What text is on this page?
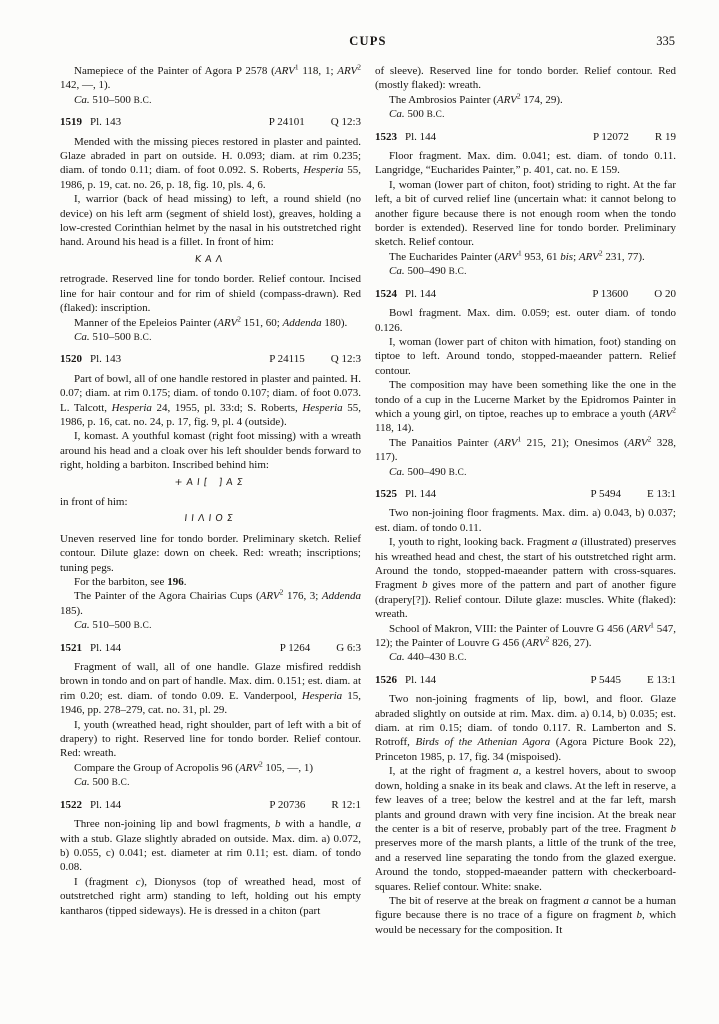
CUPS	335

Namepiece of the Painter of Agora P 2578 (ARV$^1$ 118, 1; ARV$^2$ 142, —, 1).

Ca. 510–500 B.C.

1519 Pl. 143	P 24101 Q 12:3

Mended with the missing pieces restored in plaster and painted. Glaze abraded in part on outside. H. 0.093; diam. at rim 0.235; diam. of tondo 0.11; diam. of foot 0.092. S. Roberts, Hesperia 55, 1986, p. 19, cat. no. 26, p. 18, fig. 10, pls. 4, 6.

I, warrior (back of head missing) to left, a round shield (no device) on his left arm (segment of shield lost), greaves, holding a low-crested Corinthian helmet by the nasal in his outstretched right hand. Around his head is a fillet. In front of him:

ΚΑΛ

retrograde. Reserved line for tondo border. Relief contour. Incised line for hair contour and for rim of shield (compass-drawn). Red (flaked): inscription.

Manner of the Epeleios Painter (ARV$^2$ 151, 60; Addenda 180).

Ca. 510–500 B.C.

1520 Pl. 143	P 24115 Q 12:3

Part of bowl, all of one handle restored in plaster and painted. H. 0.07; diam. at rim 0.175; diam. of tondo 0.107; diam. of foot 0.073. L. Talcott, Hesperia 24, 1955, pl. 33:d; S. Roberts, Hesperia 55, 1986, p. 16, cat. no. 24, p. 17, fig. 9, pl. 4 (outside).

I, komast. A youthful komast (right foot missing) with a wreath around his head and a cloak over his left shoulder bends forward to right, holding a barbiton. Inscribed behind him:

+ΑΙ[ ]ΑΣ

in front of him:

ΙΙΛΙΟΣ

Uneven reserved line for tondo border. Preliminary sketch. Relief contour. Dilute glaze: down on cheek. Red: wreath; inscriptions; tuning pegs.

For the barbiton, see 196.

The Painter of the Agora Chairias Cups (ARV$^2$ 176, 3; Addenda 185).

Ca. 510–500 B.C.

1521 Pl. 144	P 1264 G 6:3

Fragment of wall, all of one handle. Glaze misfired reddish brown in tondo and on part of handle. Max. dim. 0.151; est. diam. at rim 0.20; est. diam. of tondo 0.09. E. Vanderpool, Hesperia 15, 1946, pp. 278–279, cat. no. 31, pl. 29.

I, youth (wreathed head, right shoulder, part of left with a bit of drapery) to right. Reserved line for tondo border. Relief contour. Red: wreath.

Compare the Group of Acropolis 96 (ARV$^2$ 105, —, 1)

Ca. 500 B.C.

1522 Pl. 144	P 20736 R 12:1

Three non-joining lip and bowl fragments, b with a handle, a with a stub. Glaze slightly abraded on outside. Max. dim. a) 0.072, b) 0.055, c) 0.041; est. diameter at rim 0.11; est. diam. of tondo 0.08.

I (fragment c), Dionysos (top of wreathed head, most of outstretched right arm) standing to left, holding out his empty kantharos (tipped sideways). He is dressed in a chiton (part

of sleeve). Reserved line for tondo border. Relief contour. Red (mostly flaked): wreath.

The Ambrosios Painter (ARV$^2$ 174, 29).

Ca. 500 B.C.

1523 Pl. 144	P 12072 R 19

Floor fragment. Max. dim. 0.041; est. diam. of tondo 0.11. Langridge, “Eucharides Painter,” p. 401, cat. no. E 159.

I, woman (lower part of chiton, foot) striding to right. At the far left, a bit of curved relief line (uncertain what: it cannot belong to another figure because there is not enough room when the tondo border is extended). Reserved line for tondo border. Preliminary sketch. Relief contour.

The Eucharides Painter (ARV$^1$ 953, 61 bis; ARV$^2$ 231, 77).

Ca. 500–490 B.C.

1524 Pl. 144	P 13600 O 20

Bowl fragment. Max. dim. 0.059; est. outer diam. of tondo 0.126.

I, woman (lower part of chiton with himation, foot) standing on tiptoe to left. Around tondo, stopped-maeander pattern. Relief contour.

The composition may have been something like the one in the tondo of a cup in the Lucerne Market by the Epidromos Painter in which a young girl, on tiptoe, reaches up to embrace a youth (ARV$^2$ 118, 14).

The Panaitios Painter (ARV$^1$ 215, 21); Onesimos (ARV$^2$ 328, 117).

Ca. 500–490 B.C.

1525 Pl. 144	P 5494 E 13:1

Two non-joining floor fragments. Max. dim. a) 0.043, b) 0.037; est. diam. of tondo 0.11.

I, youth to right, looking back. Fragment a (illustrated) preserves his wreathed head and chest, the start of his outstretched right arm. Around the tondo, stopped-maeander pattern with cross-squares. Fragment b gives more of the pattern and part of another figure (drapery[?]). Relief contour. Dilute glaze: muscles. White (flaked): wreath.

School of Makron, VIII: the Painter of Louvre G 456 (ARV$^1$ 547, 12); the Painter of Louvre G 456 (ARV$^2$ 826, 27).

Ca. 440–430 B.C.

1526 Pl. 144	P 5445 E 13:1

Two non-joining fragments of lip, bowl, and floor. Glaze abraded slightly on outside at rim. Max. dim. a) 0.14, b) 0.035; est. diam. at rim 0.15; diam. of tondo 0.117. R. Lamberton and S. Rotroff, Birds of the Athenian Agora (Agora Picture Book 22), Princeton 1985, p. 17, fig. 34 (mispoised).

I, at the right of fragment a, a kestrel hovers, about to swoop down, holding a snake in its beak and claws. At the left in reserve, a few leaves of a tree; below the kestrel and at the far left, marsh plants and ground drawn with very fine incision. At the break near the center is a bit of reserve, probably part of the tree. Fragment b preserves more of the marsh plants, a little of the trunk of the tree, and a reserved line separating the tondo from the glazed exergue. Around the tondo, stopped-maeander pattern with checkerboard-squares. Relief contour. White: snake.

The bit of reserve at the break on fragment a cannot be a human figure because there is no trace of a figure on fragment b, which would be necessary for the composition. It
